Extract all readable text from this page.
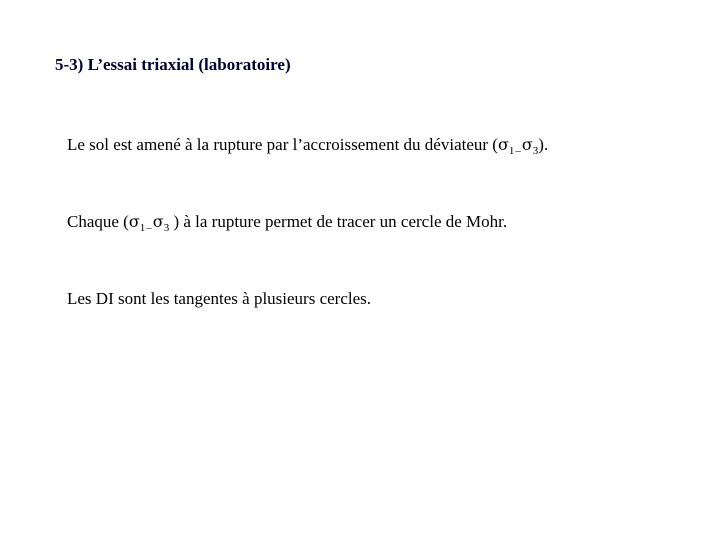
5-3) L’essai triaxial (laboratoire)
Le sol est amené à la rupture par l’accroissement du déviateur $(\sigma_{1-}\sigma_3)$.
Chaque ($\sigma_{1-}\sigma_3$ ) à la rupture permet de tracer un cercle de Mohr.
Les DI sont les tangentes à plusieurs cercles.
